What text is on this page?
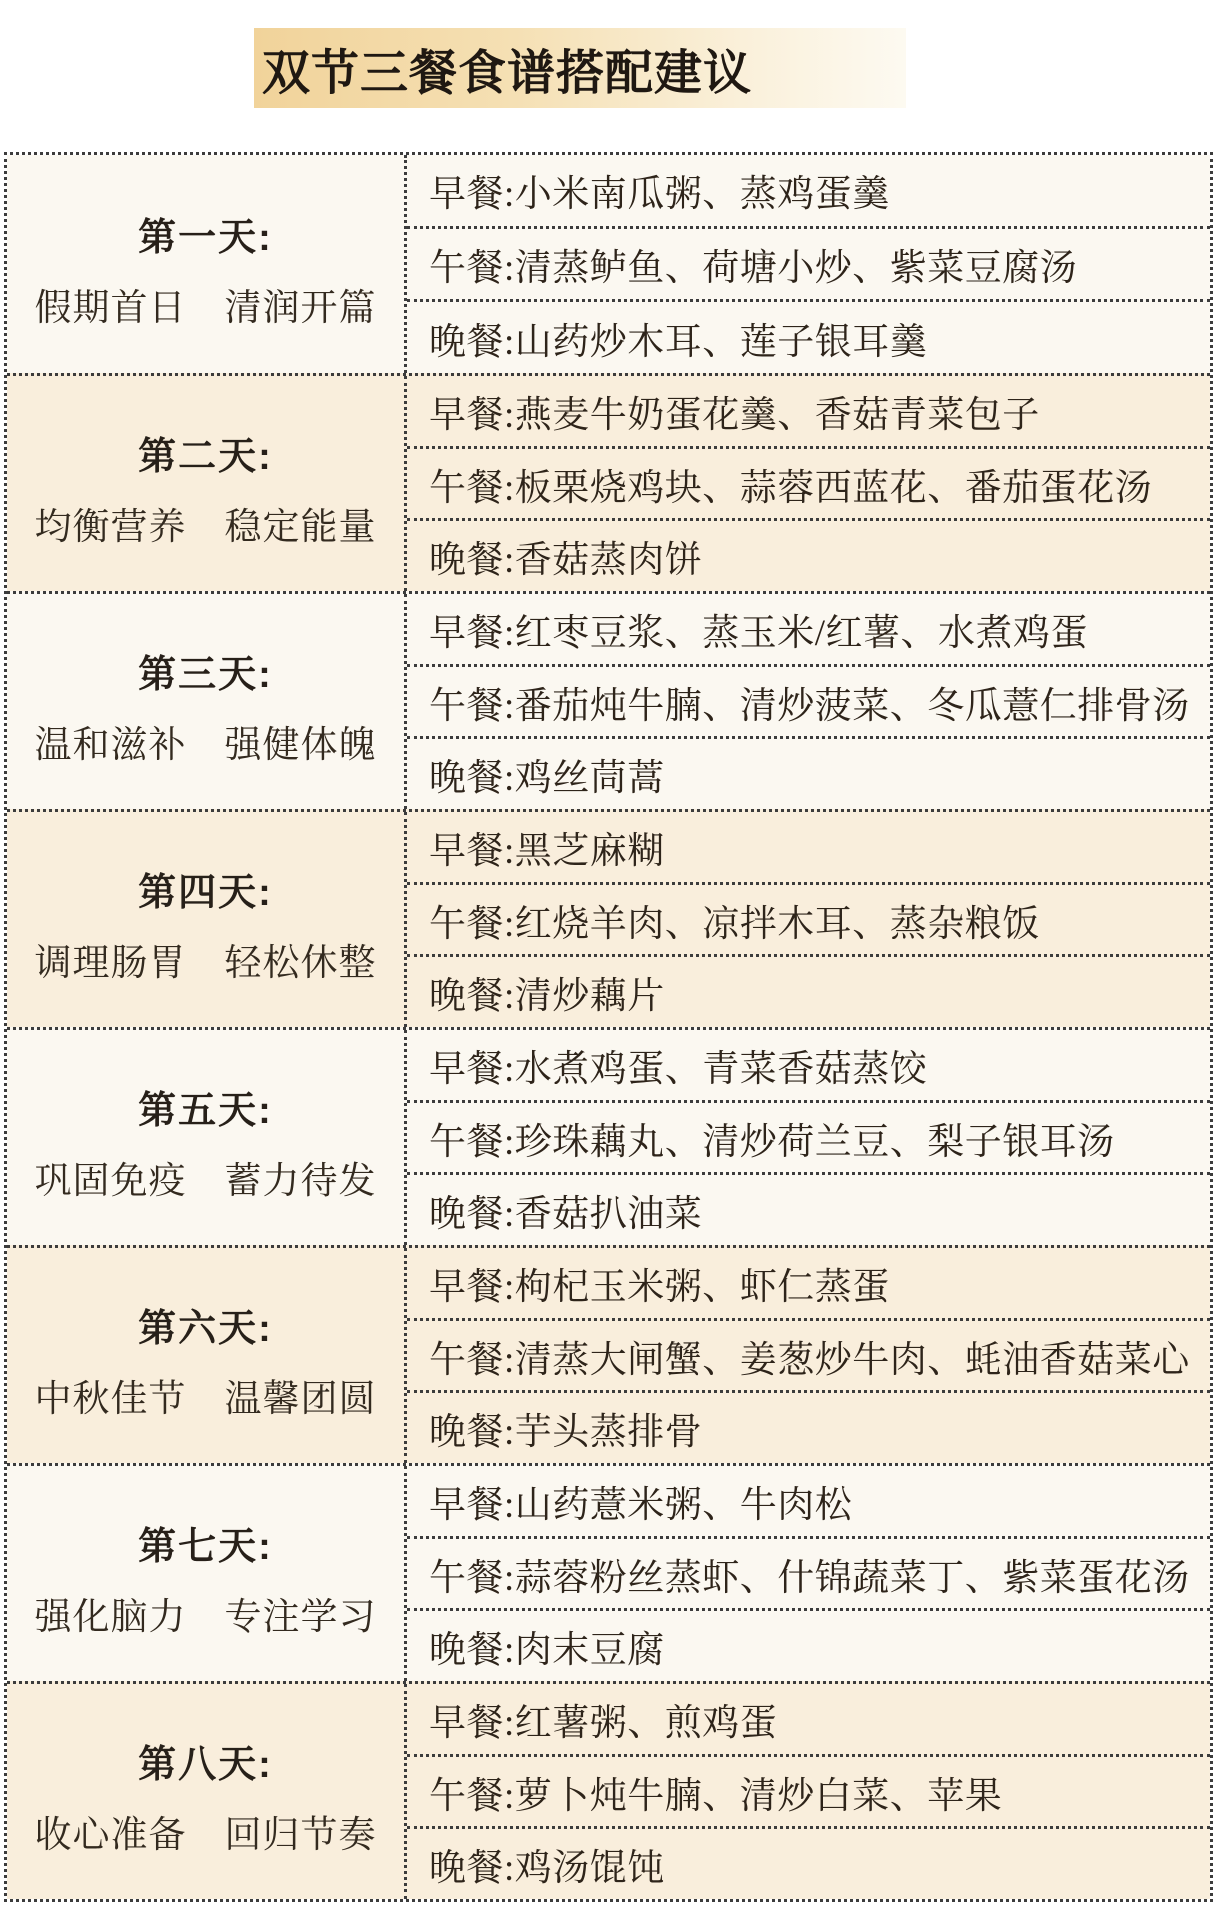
双节三餐食谱搭配建议
第一天:
假期首日　清润开篇
早餐: 小米南瓜粥、蒸鸡蛋羹
午餐: 清蒸鲈鱼、荷塘小炒、紫菜豆腐汤
晚餐: 山药炒木耳、莲子银耳羹
第二天:
均衡营养　稳定能量
早餐: 燕麦牛奶蛋花羹、香菇青菜包子
午餐: 板栗烧鸡块、蒜蓉西蓝花、番茄蛋花汤
晚餐: 香菇蒸肉饼
第三天:
温和滋补　强健体魄
早餐: 红枣豆浆、蒸玉米/红薯、水煮鸡蛋
午餐: 番茄炖牛腩、清炒菠菜、冬瓜薏仁排骨汤
晚餐: 鸡丝茼蒿
第四天:
调理肠胃　轻松休整
早餐: 黑芝麻糊
午餐: 红烧羊肉、凉拌木耳、蒸杂粮饭
晚餐: 清炒藕片
第五天:
巩固免疫　蓄力待发
早餐: 水煮鸡蛋、青菜香菇蒸饺
午餐: 珍珠藕丸、清炒荷兰豆、梨子银耳汤
晚餐: 香菇扒油菜
第六天:
中秋佳节　温馨团圆
早餐: 枸杞玉米粥、虾仁蒸蛋
午餐: 清蒸大闸蟹、姜葱炒牛肉、蚝油香菇菜心
晚餐: 芋头蒸排骨
第七天:
强化脑力　专注学习
早餐: 山药薏米粥、牛肉松
午餐: 蒜蓉粉丝蒸虾、什锦蔬菜丁、紫菜蛋花汤
晚餐: 肉末豆腐
第八天:
收心准备　回归节奏
早餐: 红薯粥、煎鸡蛋
午餐: 萝卜炖牛腩、清炒白菜、苹果
晚餐: 鸡汤馄饨
